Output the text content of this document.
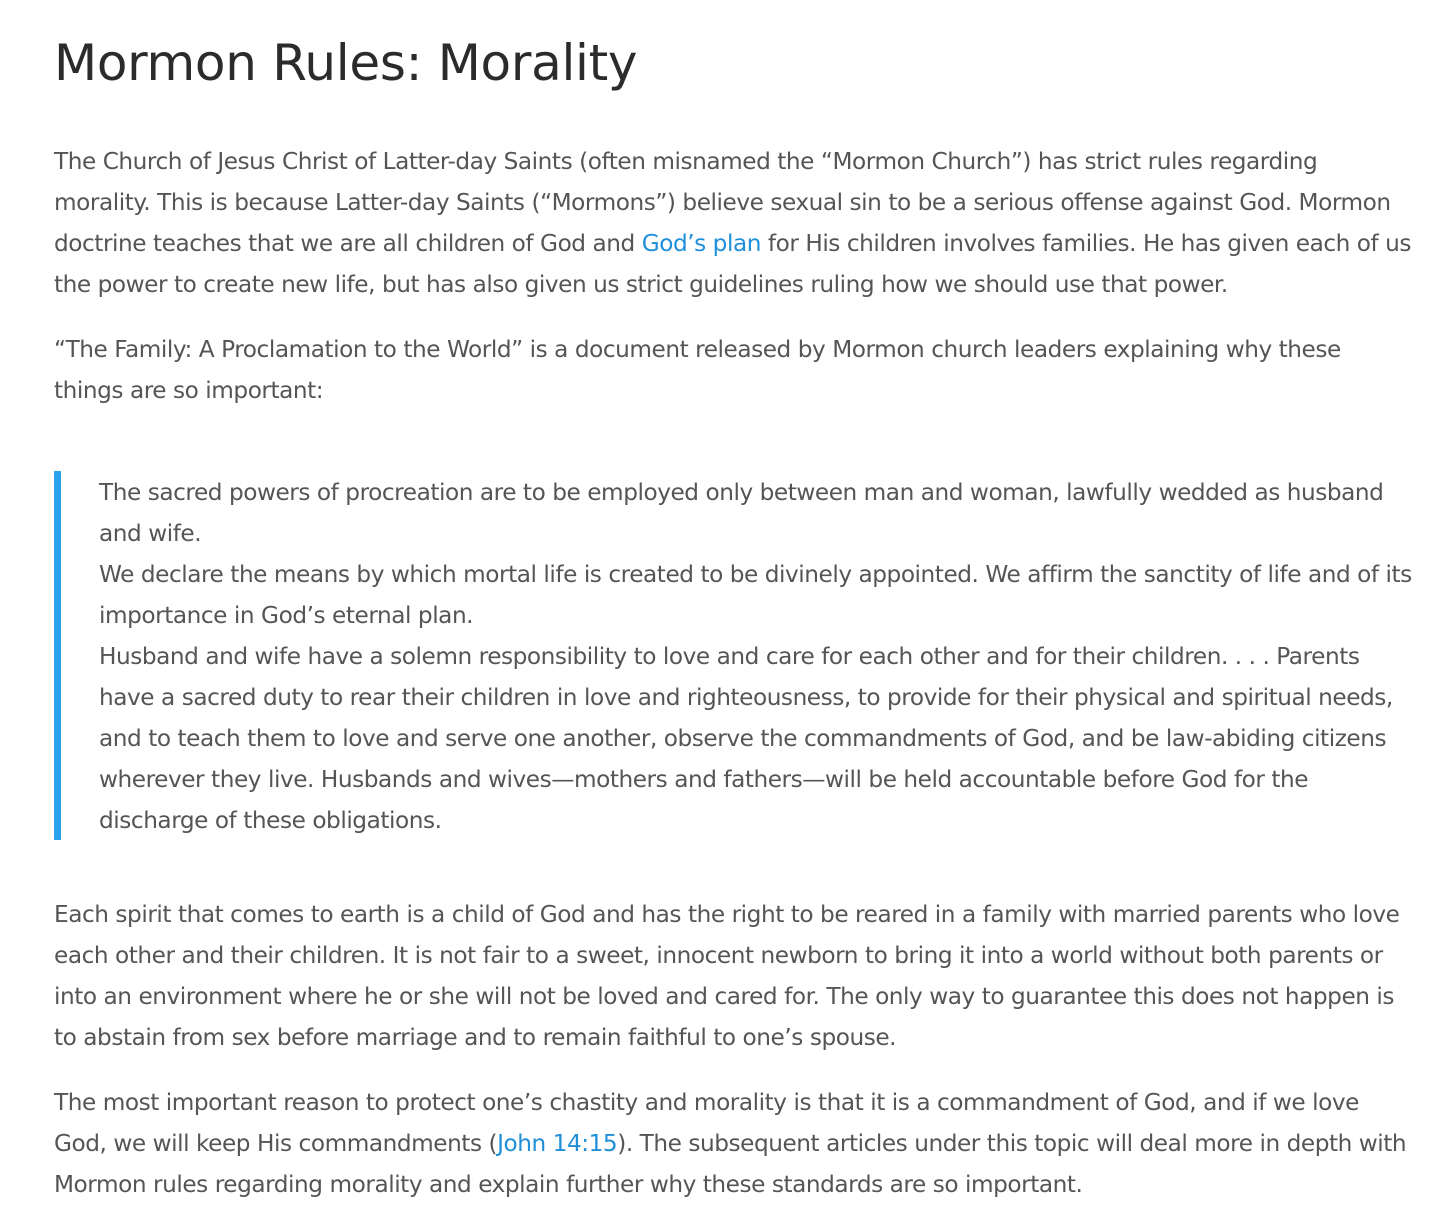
Mormon Rules: Morality

The Church of Jesus Christ of Latter-day Saints (often misnamed the “Mormon Church”) has strict rules regarding morality. This is because Latter-day Saints (“Mormons”) believe sexual sin to be a serious offense against God. Mormon doctrine teaches that we are all children of God and God’s plan for His children involves families. He has given each of us the power to create new life, but has also given us strict guidelines ruling how we should use that power.

“The Family: A Proclamation to the World” is a document released by Mormon church leaders explaining why these things are so important:

The sacred powers of procreation are to be employed only between man and woman, lawfully wedded as husband and wife.
We declare the means by which mortal life is created to be divinely appointed. We affirm the sanctity of life and of its importance in God’s eternal plan.
Husband and wife have a solemn responsibility to love and care for each other and for their children. . . . Parents have a sacred duty to rear their children in love and righteousness, to provide for their physical and spiritual needs, and to teach them to love and serve one another, observe the commandments of God, and be law-abiding citizens wherever they live. Husbands and wives—mothers and fathers—will be held accountable before God for the discharge of these obligations.

Each spirit that comes to earth is a child of God and has the right to be reared in a family with married parents who love each other and their children. It is not fair to a sweet, innocent newborn to bring it into a world without both parents or into an environment where he or she will not be loved and cared for. The only way to guarantee this does not happen is to abstain from sex before marriage and to remain faithful to one’s spouse.

The most important reason to protect one’s chastity and morality is that it is a commandment of God, and if we love God, we will keep His commandments (John 14:15). The subsequent articles under this topic will deal more in depth with Mormon rules regarding morality and explain further why these standards are so important.
